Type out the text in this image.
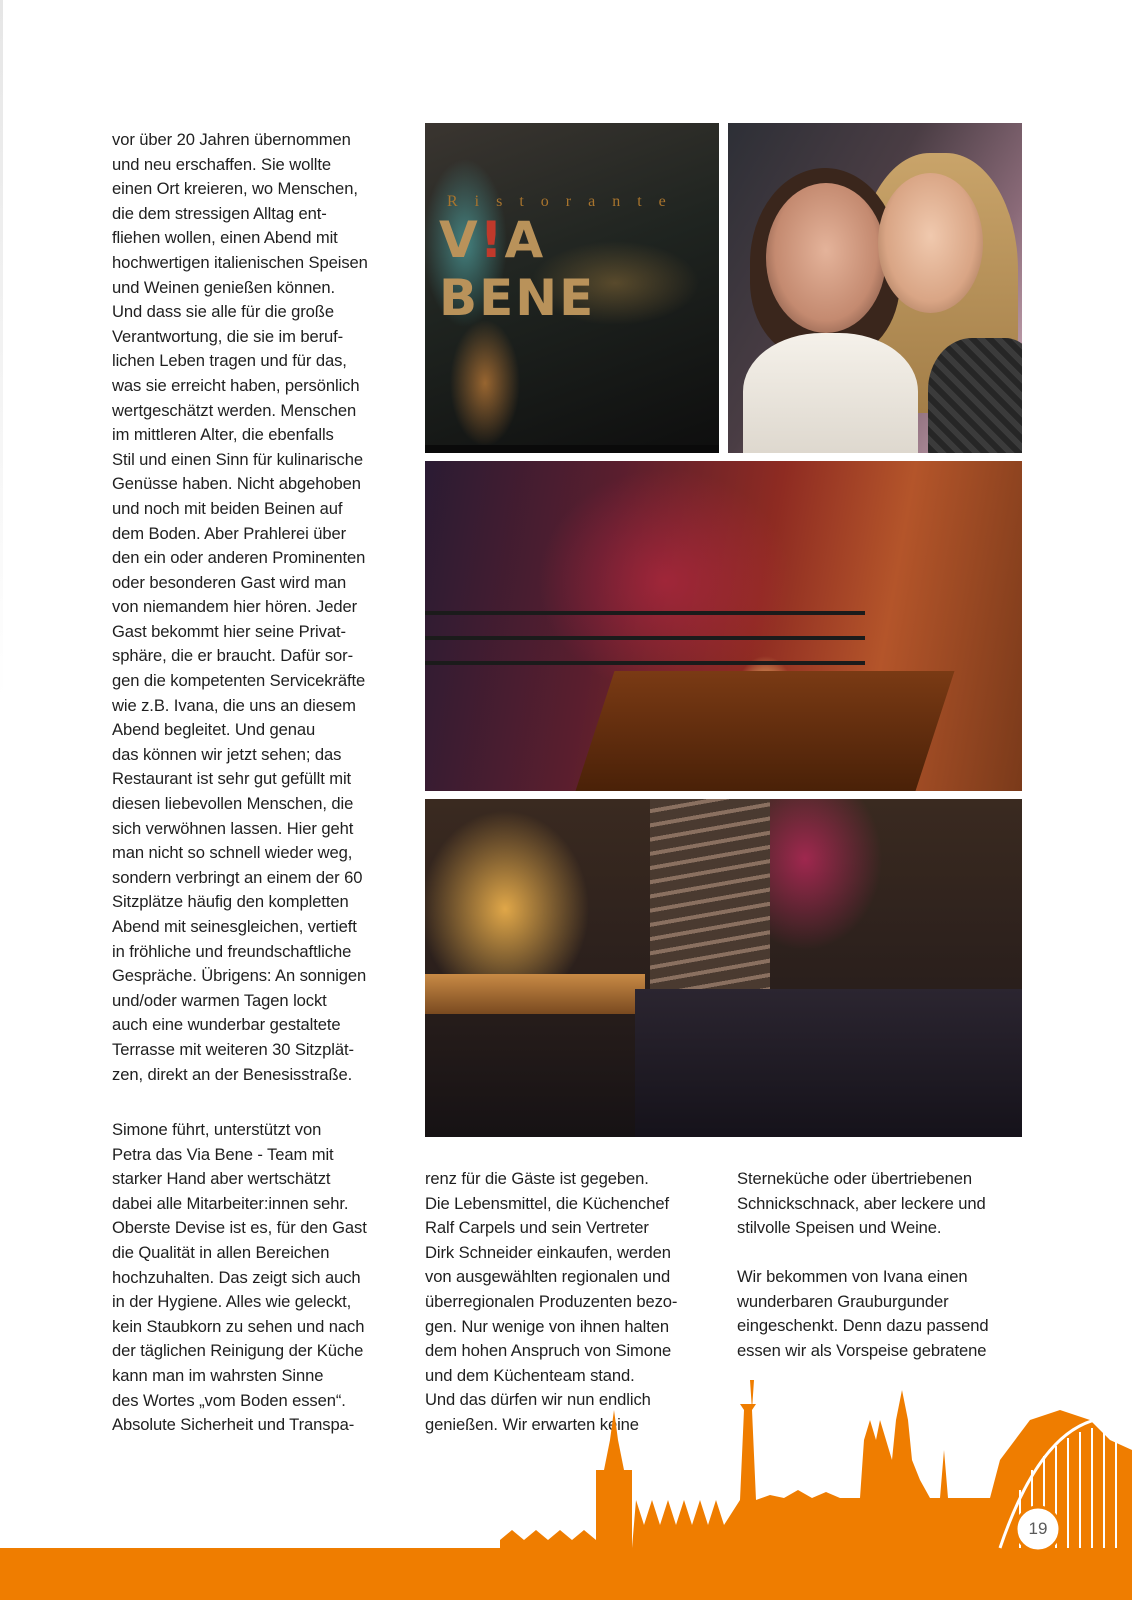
vor über 20 Jahren übernommen
und neu erschaffen. Sie wollte
einen Ort kreieren, wo Menschen,
die dem stressigen Alltag ent-
fliehen wollen, einen Abend mit
hochwertigen italienischen Speisen
und Weinen genießen können.
Und dass sie alle für die große
Verantwortung, die sie im beruf-
lichen Leben tragen und für das,
was sie erreicht haben, persönlich
wertgeschätzt werden. Menschen
im mittleren Alter, die ebenfalls
Stil und einen Sinn für kulinarische
Genüsse haben. Nicht abgehoben
und noch mit beiden Beinen auf
dem Boden. Aber Prahlerei über
den ein oder anderen Prominenten
oder besonderen Gast wird man
von niemandem hier hören. Jeder
Gast bekommt hier seine Privat-
sphäre, die er braucht. Dafür sor-
gen die kompetenten Servicekräfte
wie z.B. Ivana, die uns an diesem
Abend begleitet. Und genau
das können wir jetzt sehen; das
Restaurant ist sehr gut gefüllt mit
diesen liebevollen Menschen, die
sich verwöhnen lassen. Hier geht
man nicht so schnell wieder weg,
sondern verbringt an einem der 60
Sitzplätze häufig den kompletten
Abend mit seinesgleichen, vertieft
in fröhliche und freundschaftliche
Gespräche. Übrigens: An sonnigen
und/oder warmen Tagen lockt
auch eine wunderbar gestaltete
Terrasse mit weiteren 30 Sitzplät-
zen, direkt an der Benesisstraße.
Simone führt, unterstützt von
Petra das Via Bene - Team mit
starker Hand aber wertschätzt
dabei alle Mitarbeiter:innen sehr.
Oberste Devise ist es, für den Gast
die Qualität in allen Bereichen
hochzuhalten. Das zeigt sich auch
in der Hygiene. Alles wie geleckt,
kein Staubkorn zu sehen und nach
der täglichen Reinigung der Küche
kann man im wahrsten Sinne
des Wortes „vom Boden essen“.
Absolute Sicherheit und Transpa-
renz für die Gäste ist gegeben.
Die Lebensmittel, die Küchenchef
Ralf Carpels und sein Vertreter
Dirk Schneider einkaufen, werden
von ausgewählten regionalen und
überregionalen Produzenten bezo-
gen. Nur wenige von ihnen halten
dem hohen Anspruch von Simone
und dem Küchenteam stand.
Und das dürfen wir nun endlich
genießen. Wir erwarten keine
Sterneküche oder übertriebenen
Schnickschnack, aber leckere und
stilvolle Speisen und Weine.
Wir bekommen von Ivana einen
wunderbaren Grauburgunder
eingeschenkt. Denn dazu passend
essen wir als Vorspeise gebratene
Ristorante
V!A BENE
19
